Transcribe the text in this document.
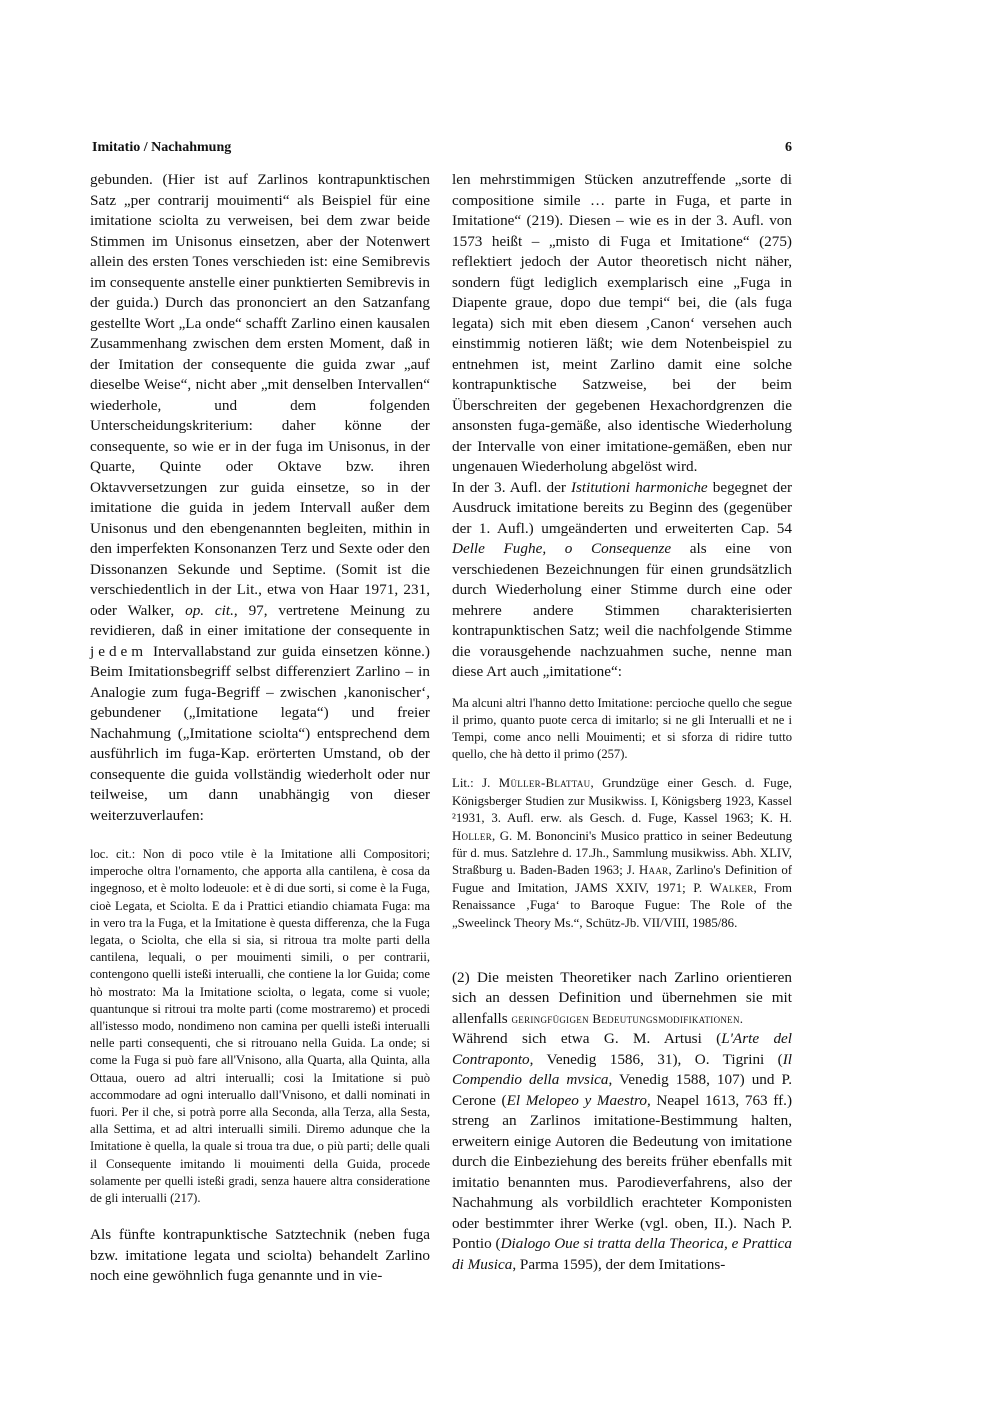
Imitatio / Nachahmung	6

gebunden. (Hier ist auf Zarlinos kontrapunktischen Satz „per contrarij mouimenti“ als Beispiel für eine imitatione sciolta zu verweisen, bei dem zwar beide Stimmen im Unisonus einsetzen, aber der Notenwert allein des ersten Tones verschieden ist: eine Semibrevis im consequente anstelle einer punktierten Semibrevis in der guida.) Durch das prononciert an den Satzanfang gestellte Wort „La onde“ schafft Zarlino einen kausalen Zusammenhang zwischen dem ersten Moment, daß in der Imitation der consequente die guida zwar „auf dieselbe Weise“, nicht aber „mit denselben Intervallen“ wiederhole, und dem folgenden Unterscheidungskriterium: daher könne der consequente, so wie er in der fuga im Unisonus, in der Quarte, Quinte oder Oktave bzw. ihren Oktavversetzungen zur guida einsetze, so in der imitatione die guida in jedem Intervall außer dem Unisonus und den ebengenannten begleiten, mithin in den imperfekten Konsonanzen Terz und Sexte oder den Dissonanzen Sekunde und Septime. (Somit ist die verschiedentlich in der Lit., etwa von Haar 1971, 231, oder Walker, op. cit., 97, vertretene Meinung zu revidieren, daß in einer imitatione der consequente in jedem Intervallabstand zur guida einsetzen könne.) Beim Imitationsbegriff selbst differenziert Zarlino – in Analogie zum fuga-Begriff – zwischen ‚kanonischer‘, gebundener („Imitatione legata“) und freier Nachahmung („Imitatione sciolta“) entsprechend dem ausführlich im fuga-Kap. erörterten Umstand, ob der consequente die guida vollständig wiederholt oder nur teilweise, um dann unabhängig von dieser weiterzuverlaufen:

loc. cit.: Non di poco vtile è la Imitatione alli Compositori; imperoche oltra l'ornamento, che apporta alla cantilena, è cosa da ingegnoso, et è molto lodeuole: et è di due sorti, si come è la Fuga, cioè Legata, et Sciolta. E da i Prattici etiandio chiamata Fuga: ma in vero tra la Fuga, et la Imitatione è questa differenza, che la Fuga legata, o Sciolta, che ella si sia, si ritroua tra molte parti della cantilena, lequali, o per mouimenti simili, o per contrarii, contengono quelli isteßi interualli, che contiene la lor Guida; come hò mostrato: Ma la Imitatione sciolta, o legata, come si vuole; quantunque si ritroui tra molte parti (come mostraremo) et procedi all'istesso modo, nondimeno non camina per quelli isteßi interualli nelle parti consequenti, che si ritrouano nella Guida. La onde; si come la Fuga si può fare all'Vnisono, alla Quarta, alla Quinta, alla Ottaua, ouero ad altri interualli; cosi la Imitatione si può accommodare ad ogni interuallo dall'Vnisono, et dalli nominati in fuori. Per il che, si potrà porre alla Seconda, alla Terza, alla Sesta, alla Settima, et ad altri interualli simili. Diremo adunque che la Imitatione è quella, la quale si troua tra due, o più parti; delle quali il Consequente imitando li mouimenti della Guida, procede solamente per quelli isteßi gradi, senza hauere altra consideratione de gli interualli (217).

Als fünfte kontrapunktische Satztechnik (neben fuga bzw. imitatione legata und sciolta) behandelt Zarlino noch eine gewöhnlich fuga genannte und in vie-

len mehrstimmigen Stücken anzutreffende „sorte di compositione simile … parte in Fuga, et parte in Imitatione“ (219). Diesen – wie es in der 3. Aufl. von 1573 heißt – „misto di Fuga et Imitatione“ (275) reflektiert jedoch der Autor theoretisch nicht näher, sondern fügt lediglich exemplarisch eine „Fuga in Diapente graue, dopo due tempi“ bei, die (als fuga legata) sich mit eben diesem ‚Canon‘ versehen auch einstimmig notieren läßt; wie dem Notenbeispiel zu entnehmen ist, meint Zarlino damit eine solche kontrapunktische Satzweise, bei der beim Überschreiten der gegebenen Hexachordgrenzen die ansonsten fuga-gemäße, also identische Wiederholung der Intervalle von einer imitatione-gemäßen, eben nur ungenauen Wiederholung abgelöst wird.

In der 3. Aufl. der Istitutioni harmoniche begegnet der Ausdruck imitatione bereits zu Beginn des (gegenüber der 1. Aufl.) umgeänderten und erweiterten Cap. 54 Delle Fughe, o Consequenze als eine von verschiedenen Bezeichnungen für einen grundsätzlich durch Wiederholung einer Stimme durch eine oder mehrere andere Stimmen charakterisierten kontrapunktischen Satz; weil die nachfolgende Stimme die vorausgehende nachzuahmen suche, nenne man diese Art auch „imitatione“:

Ma alcuni altri l'hanno detto Imitatione: percioche quello che segue il primo, quanto puote cerca di imitarlo; si ne gli Interualli et ne i Tempi, come anco nelli Mouimenti; et si sforza di ridire tutto quello, che hà detto il primo (257).

Lit.: J. Müller-Blattau, Grundzüge einer Gesch. d. Fuge, Königsberger Studien zur Musikwiss. I, Königsberg 1923, Kassel ²1931, 3. Aufl. erw. als Gesch. d. Fuge, Kassel 1963; K. H. Holler, G. M. Bononcini's Musico prattico in seiner Bedeutung für d. mus. Satzlehre d. 17.Jh., Sammlung musikwiss. Abh. XLIV, Straßburg u. Baden-Baden 1963; J. Haar, Zarlino's Definition of Fugue and Imitation, JAMS XXIV, 1971; P. Walker, From Renaissance ‚Fuga‘ to Baroque Fugue: The Role of the „Sweelinck Theory Ms.“, Schütz-Jb. VII/VIII, 1985/86.

(2) Die meisten Theoretiker nach Zarlino orientieren sich an dessen Definition und übernehmen sie mit allenfalls geringfügigen Bedeutungsmodifikationen.

Während sich etwa G. M. Artusi (L'Arte del Contraponto, Venedig 1586, 31), O. Tigrini (Il Compendio della mvsica, Venedig 1588, 107) und P. Cerone (El Melopeo y Maestro, Neapel 1613, 763 ff.) streng an Zarlinos imitatione-Bestimmung halten, erweitern einige Autoren die Bedeutung von imitatione durch die Einbeziehung des bereits früher ebenfalls mit imitatio benannten mus. Parodieverfahrens, also der Nachahmung als vorbildlich erachteter Komponisten oder bestimmter ihrer Werke (vgl. oben, II.). Nach P. Pontio (Dialogo Oue si tratta della Theorica, e Prattica di Musica, Parma 1595), der dem Imitations-
